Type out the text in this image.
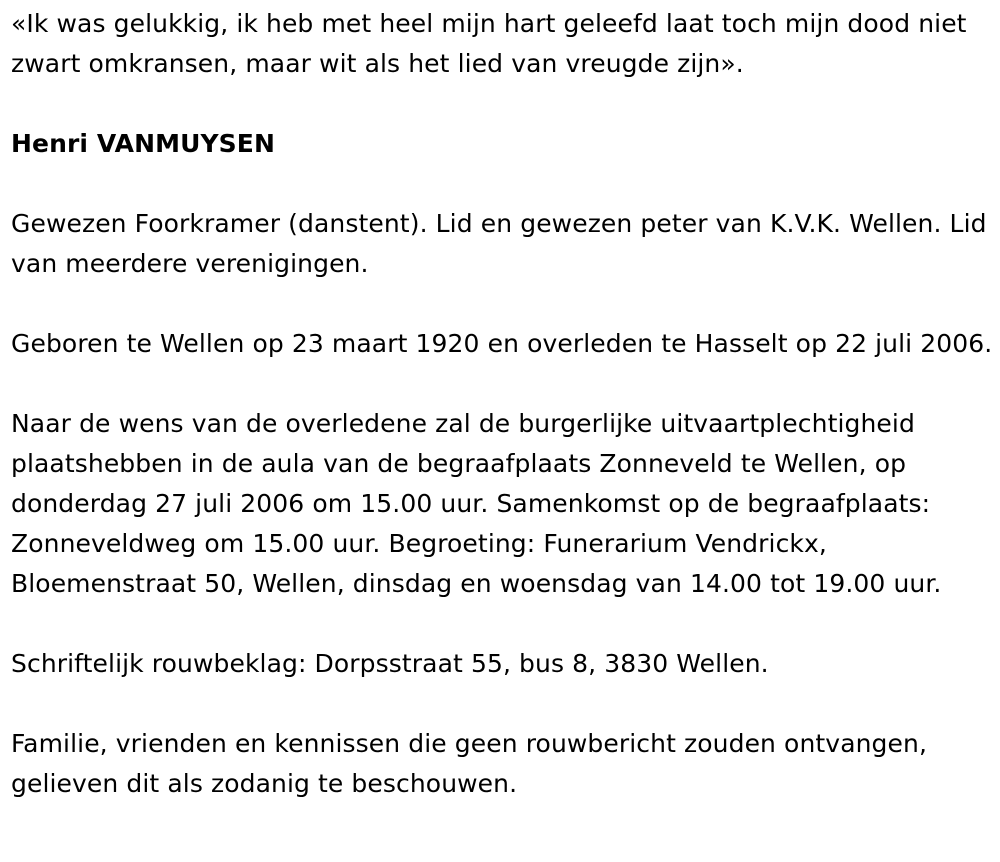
«Ik was gelukkig, ik heb met heel mijn hart geleefd laat toch mijn dood niet zwart omkransen, maar wit als het lied van vreugde zijn».

Henri VANMUYSEN

Gewezen Foorkramer (danstent). Lid en gewezen peter van K.V.K. Wellen. Lid van meerdere verenigingen.

Geboren te Wellen op 23 maart 1920 en overleden te Hasselt op 22 juli 2006.

Naar de wens van de overledene zal de burgerlijke uitvaartplechtigheid plaatshebben in de aula van de begraafplaats Zonneveld te Wellen, op donderdag 27 juli 2006 om 15.00 uur. Samenkomst op de begraafplaats: Zonneveldweg om 15.00 uur. Begroeting: Funerarium Vendrickx, Bloemenstraat 50, Wellen, dinsdag en woensdag van 14.00 tot 19.00 uur.

Schriftelijk rouwbeklag: Dorpsstraat 55, bus 8, 3830 Wellen.

Familie, vrienden en kennissen die geen rouwbericht zouden ontvangen, gelieven dit als zodanig te beschouwen.
